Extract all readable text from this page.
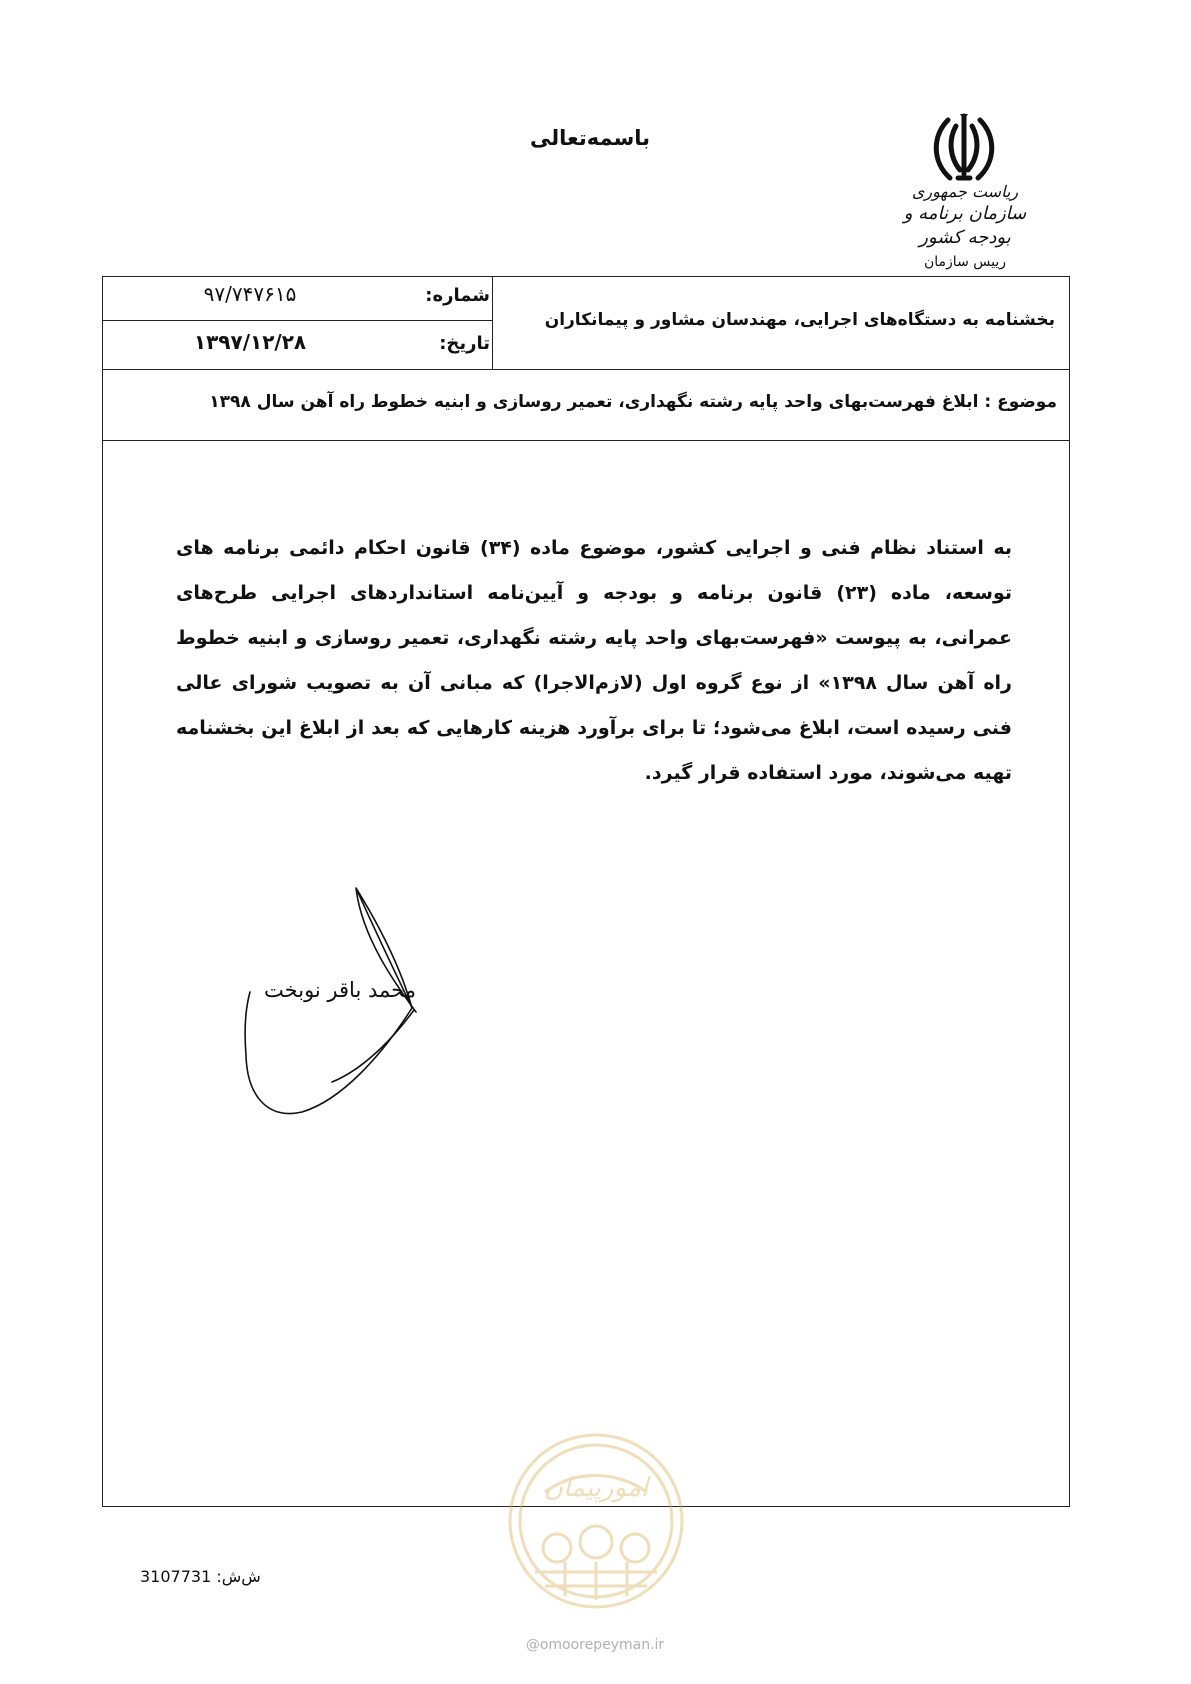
باسمه‌تعالی
ریاست جمهوری
سازمان برنامه و بودجه کشور
رییس سازمان
بخشنامه به دستگاه‌های اجرایی، مهندسان مشاور و پیمانکاران
شماره:
۹۷/۷۴۷۶۱۵
تاریخ:
۱۳۹۷/۱۲/۲۸
موضوع : ابلاغ فهرست‌بهای واحد پایه رشته نگهداری، تعمیر روسازی و ابنیه خطوط راه آهن سال ۱۳۹۸
به استناد نظام فنی و اجرایی کشور، موضوع ماده (۳۴) قانون احکام دائمی برنامه های توسعه، ماده (۲۳) قانون برنامه و بودجه و آیین‌نامه استانداردهای اجرایی طرح‌های عمرانی، به پیوست «فهرست‌بهای واحد پایه رشته نگهداری، تعمیر روسازی و ابنیه خطوط راه آهن سال ۱۳۹۸» از نوع گروه اول (لازم‌الاجرا) که مبانی آن به تصویب شورای عالی فنی رسیده است، ابلاغ می‌شود؛ تا برای برآورد هزینه کارهایی که بعد از ابلاغ این بخشنامه تهیه می‌شوند، مورد استفاده قرار گیرد.
محمد باقر نوبخت
امورپیمان
@omoorepeyman.ir
ش‌ش: 3107731
